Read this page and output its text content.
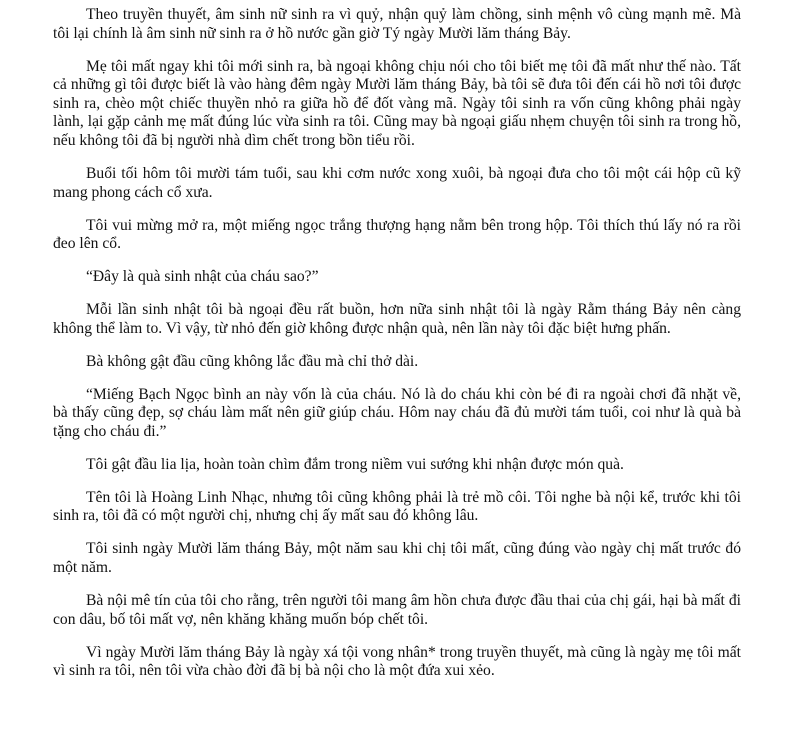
Theo truyền thuyết, âm sinh nữ sinh ra vì quỷ, nhận quỷ làm chồng, sinh mệnh vô cùng mạnh mẽ. Mà tôi lại chính là âm sinh nữ sinh ra ở hồ nước gần giờ Tý ngày Mười lăm tháng Bảy.

Mẹ tôi mất ngay khi tôi mới sinh ra, bà ngoại không chịu nói cho tôi biết mẹ tôi đã mất như thế nào. Tất cả những gì tôi được biết là vào hàng đêm ngày Mười lăm tháng Bảy, bà tôi sẽ đưa tôi đến cái hồ nơi tôi được sinh ra, chèo một chiếc thuyền nhỏ ra giữa hồ để đốt vàng mã. Ngày tôi sinh ra vốn cũng không phải ngày lành, lại gặp cảnh mẹ mất đúng lúc vừa sinh ra tôi. Cũng may bà ngoại giấu nhẹm chuyện tôi sinh ra trong hồ, nếu không tôi đã bị người nhà dìm chết trong bồn tiểu rồi.

Buổi tối hôm tôi mười tám tuổi, sau khi cơm nước xong xuôi, bà ngoại đưa cho tôi một cái hộp cũ kỹ mang phong cách cổ xưa.

Tôi vui mừng mở ra, một miếng ngọc trắng thượng hạng nằm bên trong hộp. Tôi thích thú lấy nó ra rồi đeo lên cổ.

“Đây là quà sinh nhật của cháu sao?”

Mỗi lần sinh nhật tôi bà ngoại đều rất buồn, hơn nữa sinh nhật tôi là ngày Rằm tháng Bảy nên càng không thể làm to. Vì vậy, từ nhỏ đến giờ không được nhận quà, nên lần này tôi đặc biệt hưng phấn.

Bà không gật đầu cũng không lắc đầu mà chỉ thở dài.

“Miếng Bạch Ngọc bình an này vốn là của cháu. Nó là do cháu khi còn bé đi ra ngoài chơi đã nhặt về, bà thấy cũng đẹp, sợ cháu làm mất nên giữ giúp cháu. Hôm nay cháu đã đủ mười tám tuổi, coi như là quà bà tặng cho cháu đi.”

Tôi gật đầu lia lịa, hoàn toàn chìm đắm trong niềm vui sướng khi nhận được món quà.

Tên tôi là Hoàng Linh Nhạc, nhưng tôi cũng không phải là trẻ mồ côi. Tôi nghe bà nội kể, trước khi tôi sinh ra, tôi đã có một người chị, nhưng chị ấy mất sau đó không lâu.

Tôi sinh ngày Mười lăm tháng Bảy, một năm sau khi chị tôi mất, cũng đúng vào ngày chị mất trước đó một năm.

Bà nội mê tín của tôi cho rằng, trên người tôi mang âm hồn chưa được đầu thai của chị gái, hại bà mất đi con dâu, bố tôi mất vợ, nên khăng khăng muốn bóp chết tôi.

Vì ngày Mười lăm tháng Bảy là ngày xá tội vong nhân* trong truyền thuyết, mà cũng là ngày mẹ tôi mất vì sinh ra tôi, nên tôi vừa chào đời đã bị bà nội cho là một đứa xui xẻo.
